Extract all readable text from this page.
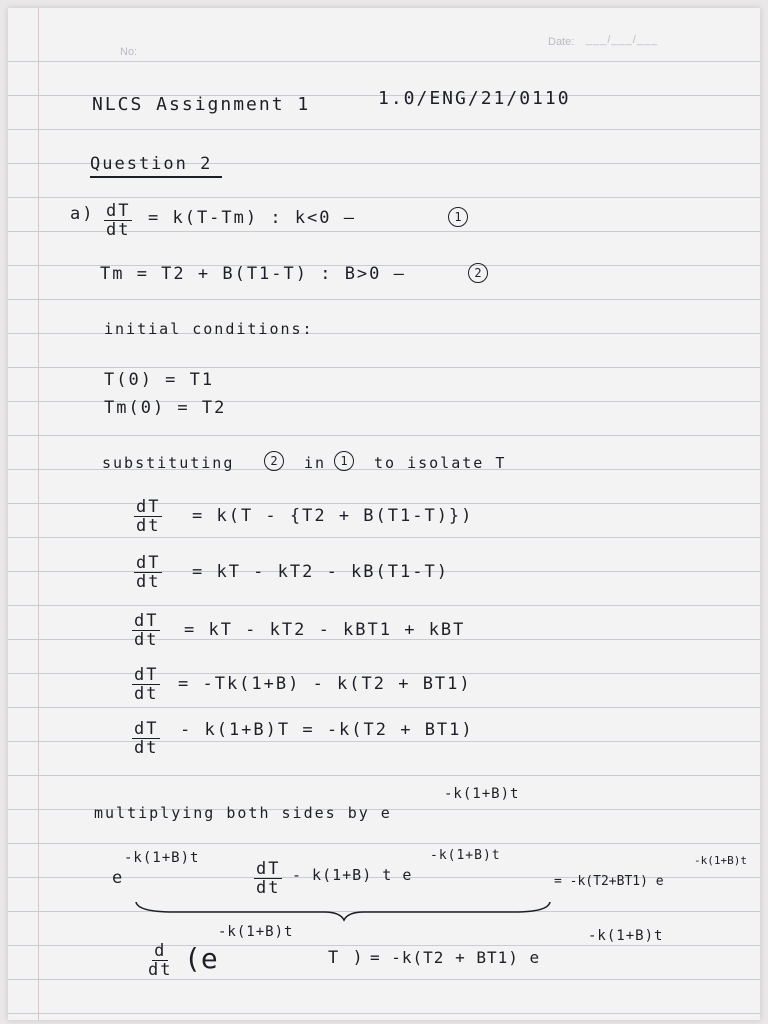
No:
Date: ___/___/___
NLCS Assignment 1	1.0/ENG/21/0110
Question 2
$a) \frac{dT}{dt} = k(T-Tm)$ : k<0 —	1
Tm = T2 + B(T1-T) : B>0 —	2
initial conditions:
T(0) = T1
Tm(0) = T2
substituting	2	in	1	to isolate T
$\frac{dT}{dt} = k(T - \{T2 + B(T1-T)\})$
$\frac{dT}{dt}$ = kT - kT2 - kB(T1-T)
$\frac{dT}{dt}$ = kT - kT2 - kBT1 + kBT
$\frac{dT}{dt} = -Tk(1+B) - k(T2 + BT1)$
$\frac{dT}{dt} - k(1+B)T = -k(T2 + BT1)$
multiplying both sides by e
-k(1+B)t
e
-k(1+B)t
$\frac{dT}{dt} - k(1+B)$ t e
-k(1+B)t
= -k(T2+BT1) e
-k(1+B)t
$\frac{d}{dt} (e$
-k(1+B)t
T ) = -k(T2 + BT1) e
-k(1+B)t
